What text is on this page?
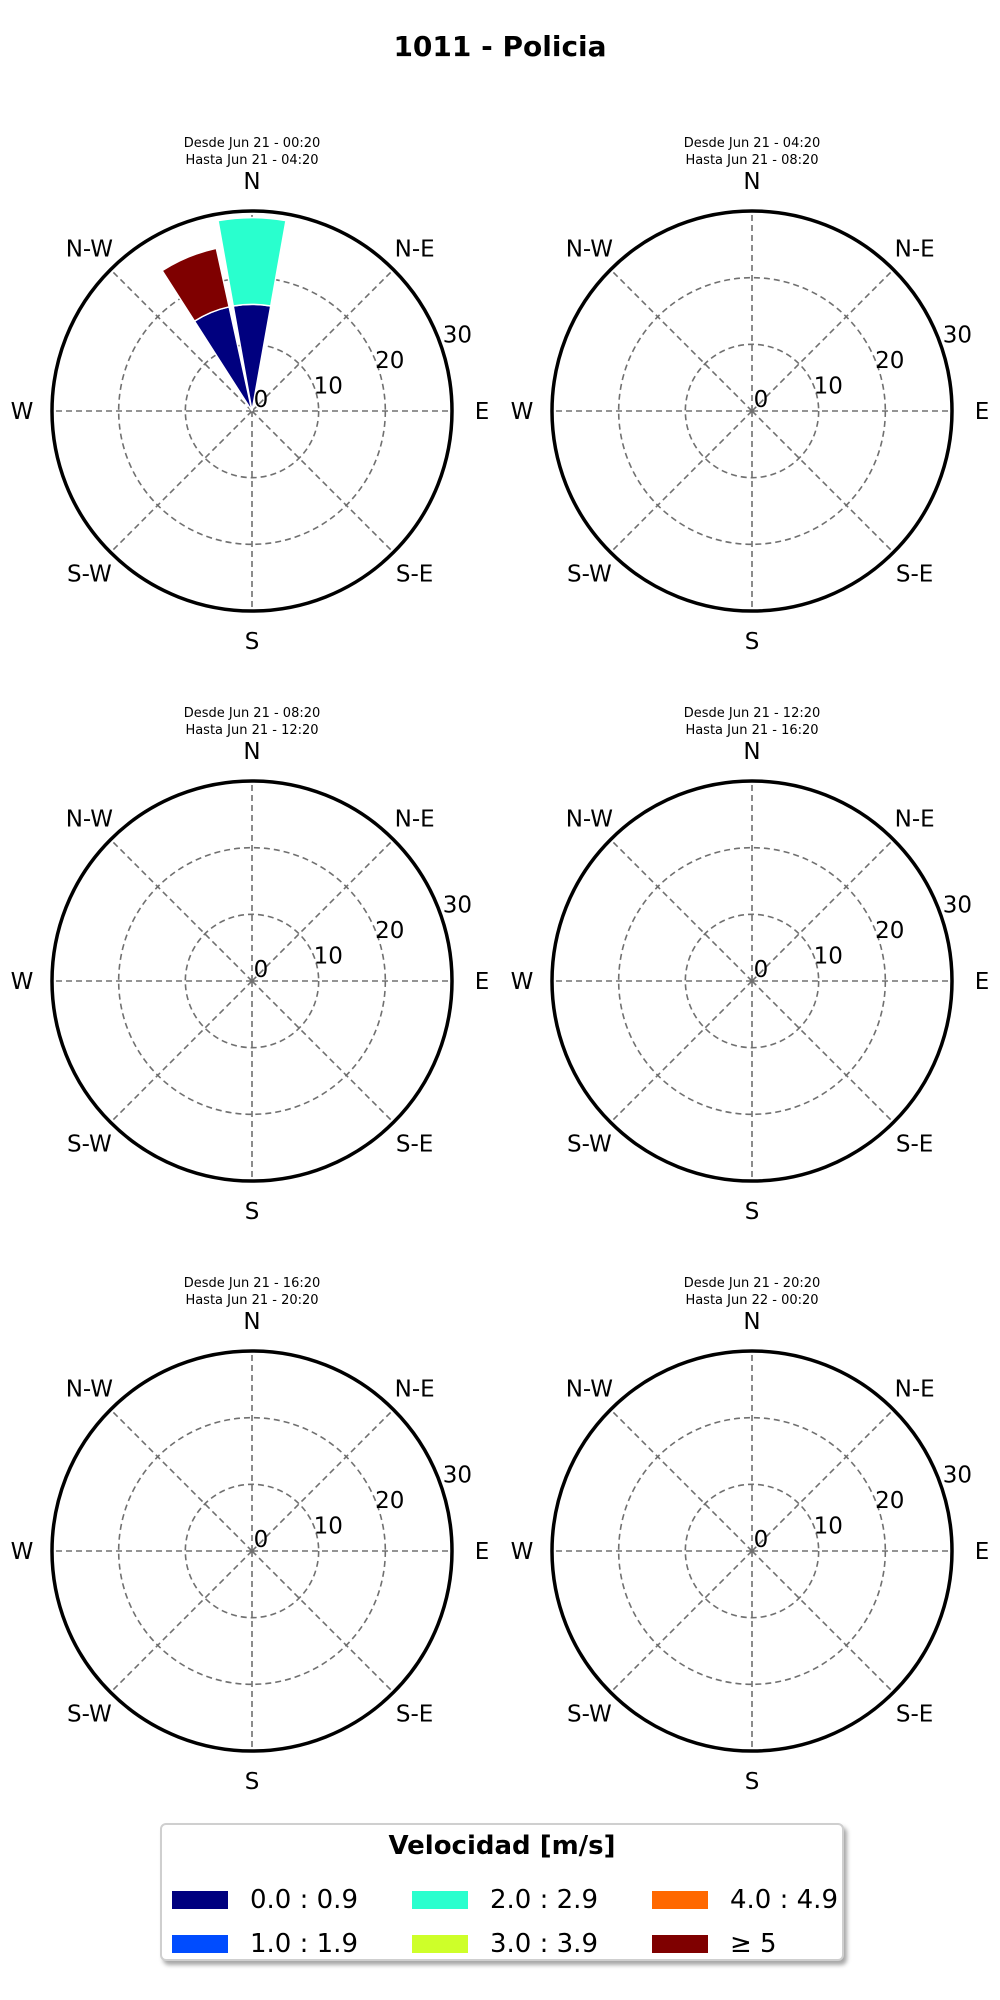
1011 - Policia
Desde Jun 21 - 00:20
Hasta Jun 21 - 04:20
0
10
20
30
N
N-E
E
S-E
S
S-W
W
N-W
Desde Jun 21 - 04:20
Hasta Jun 21 - 08:20
0
10
20
30
N
N-E
E
S-E
S
S-W
W
N-W
Desde Jun 21 - 08:20
Hasta Jun 21 - 12:20
0
10
20
30
N
N-E
E
S-E
S
S-W
W
N-W
Desde Jun 21 - 12:20
Hasta Jun 21 - 16:20
0
10
20
30
N
N-E
E
S-E
S
S-W
W
N-W
Desde Jun 21 - 16:20
Hasta Jun 21 - 20:20
0
10
20
30
N
N-E
E
S-E
S
S-W
W
N-W
Desde Jun 21 - 20:20
Hasta Jun 22 - 00:20
0
10
20
30
N
N-E
E
S-E
S
S-W
W
N-W
Velocidad [m/s]
0.0 : 0.9
1.0 : 1.9
2.0 : 2.9
3.0 : 3.9
4.0 : 4.9
≥ 5
